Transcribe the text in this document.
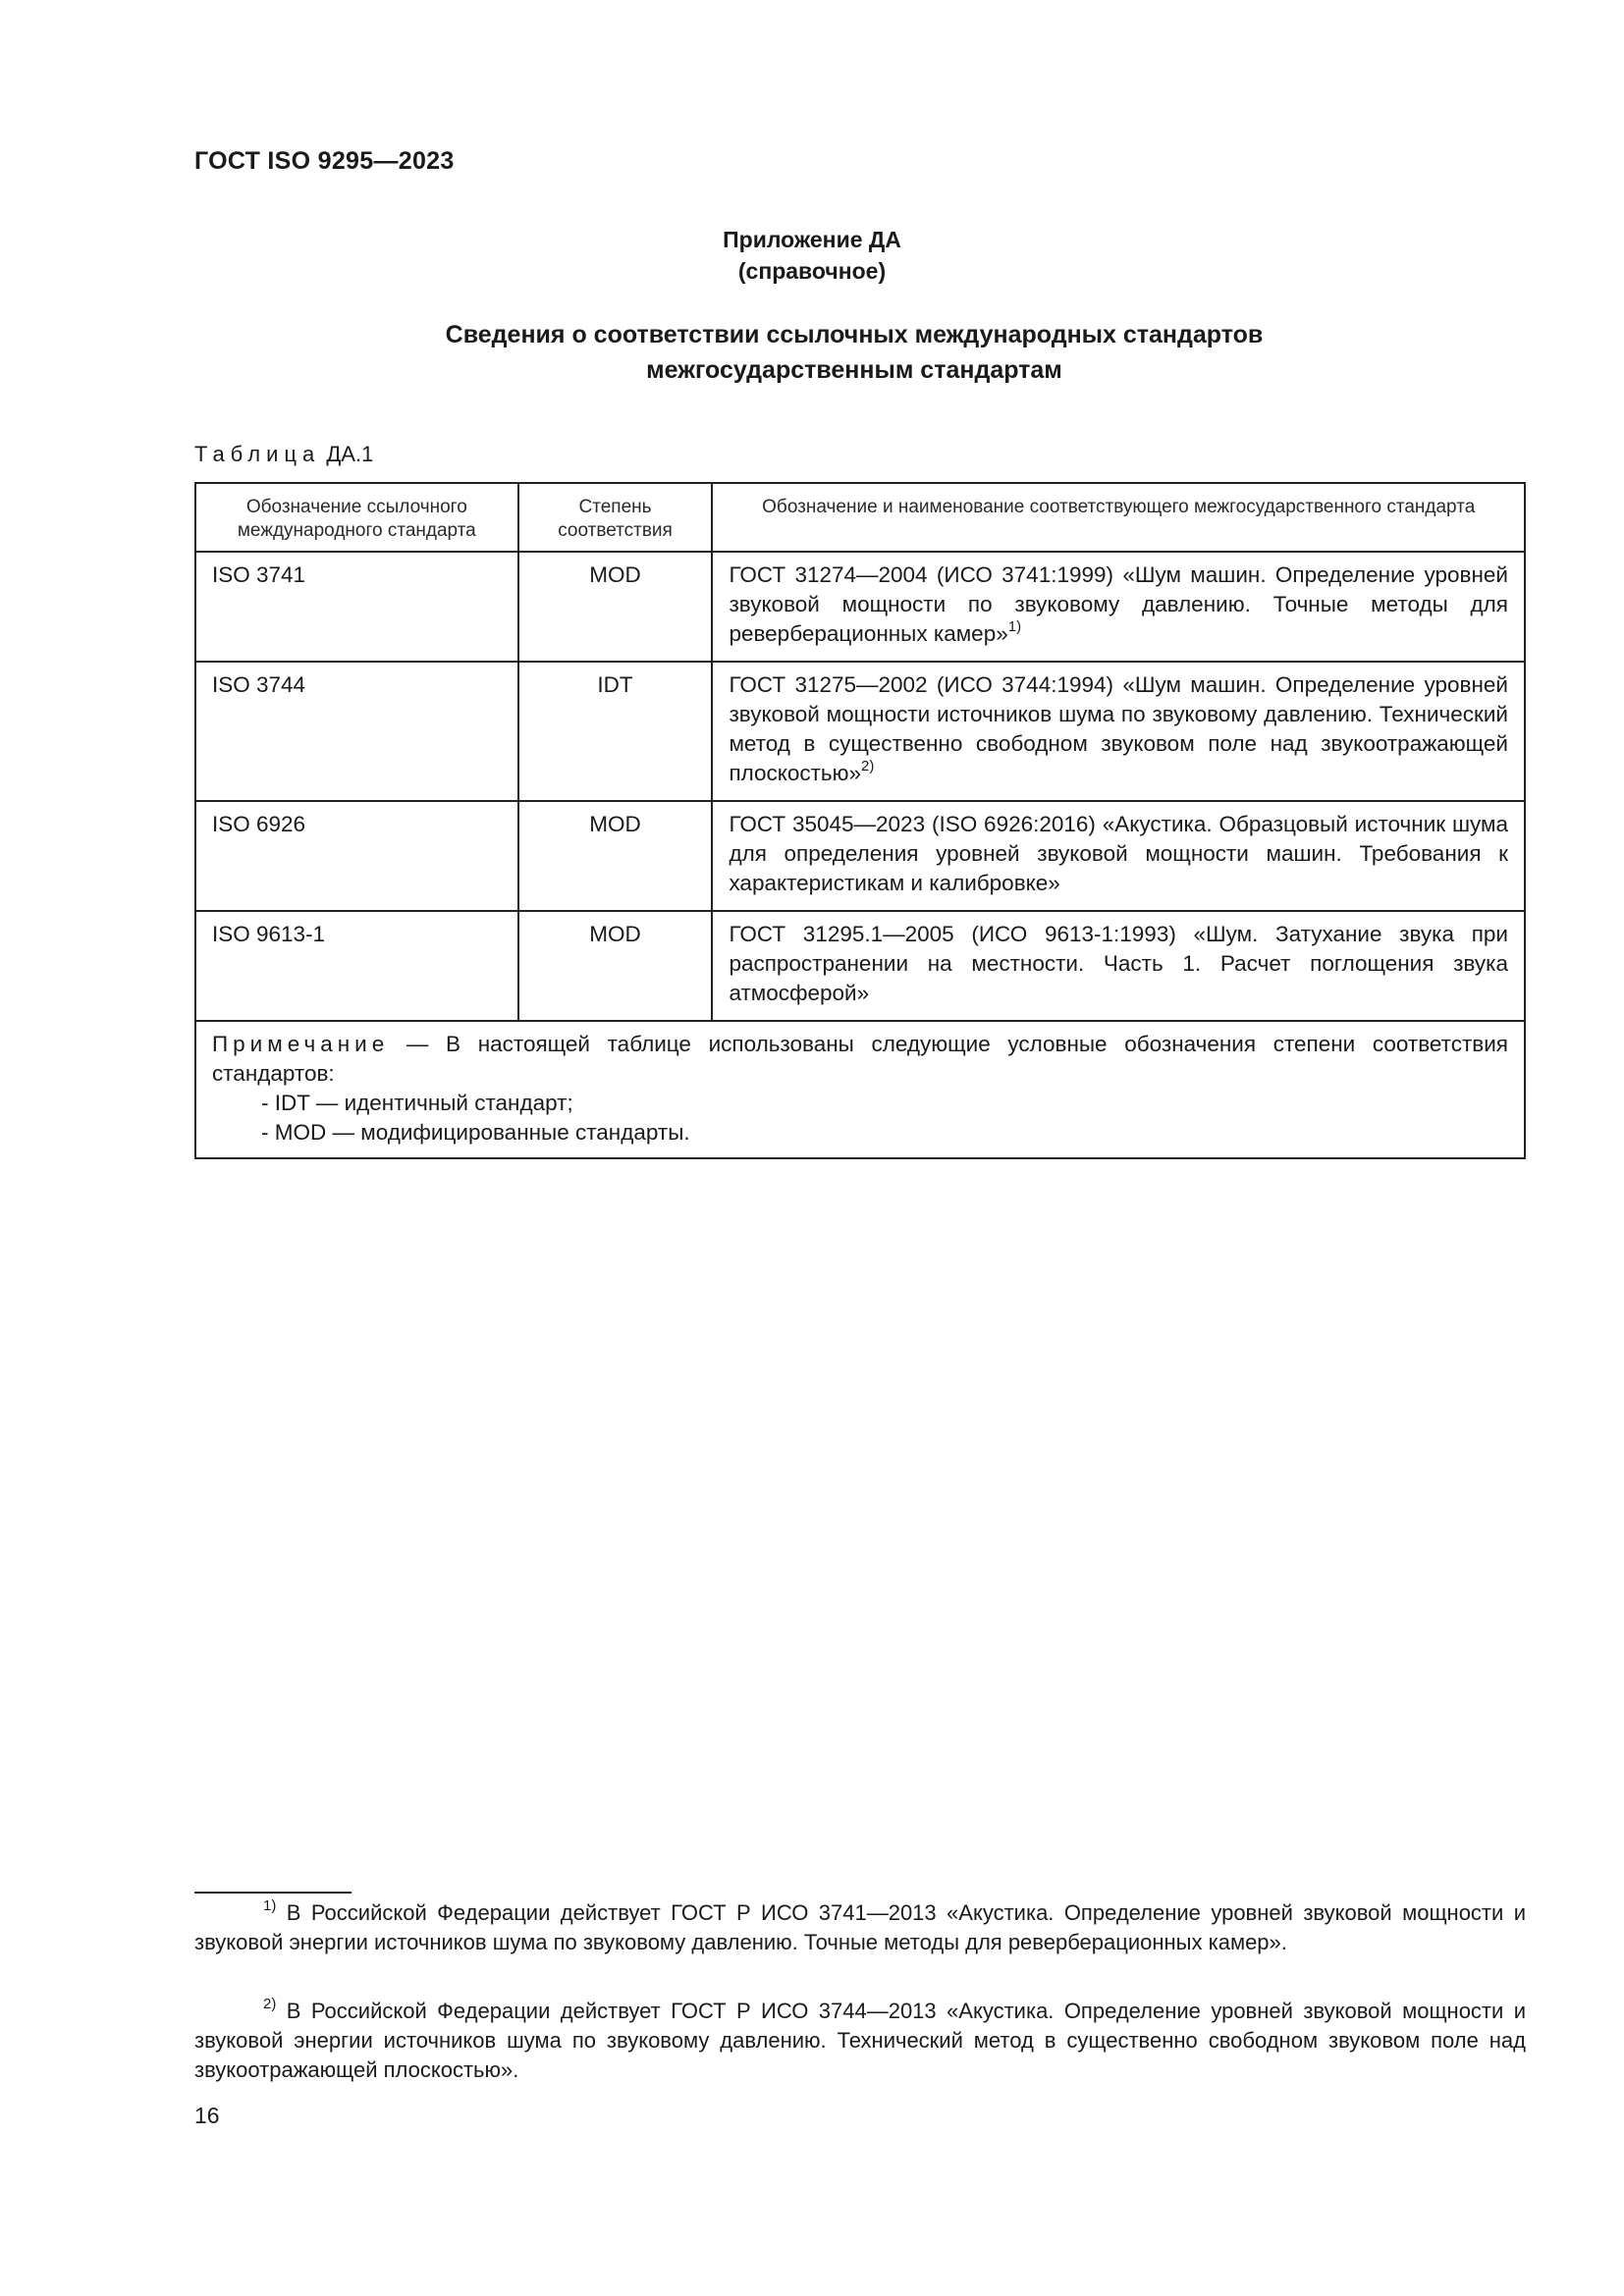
ГОСТ ISO 9295—2023
Приложение ДА
(справочное)
Сведения о соответствии ссылочных международных стандартов
межгосударственным стандартам
Таблица ДА.1
Обозначение ссылочного международного стандарта	Степень соответствия	Обозначение и наименование соответствующего межгосударственного стандарта
ISO 3741	MOD	ГОСТ 31274—2004 (ИСО 3741:1999) «Шум машин. Определение уровней звуковой мощности по звуковому давлению. Точные методы для реверберационных камер»$^{1)}$
ISO 3744	IDT	ГОСТ 31275—2002 (ИСО 3744:1994) «Шум машин. Определение уровней звуковой мощности источников шума по звуковому давлению. Технический метод в существенно свободном звуковом поле над звукоотражающей плоскостью»$^{2)}$
ISO 6926	MOD	ГОСТ 35045—2023 (ISO 6926:2016) «Акустика. Образцовый источник шума для определения уровней звуковой мощности машин. Требования к характеристикам и калибровке»
ISO 9613-1	MOD	ГОСТ 31295.1—2005 (ИСО 9613-1:1993) «Шум. Затухание звука при распространении на местности. Часть 1. Расчет поглощения звука атмосферой»

Примечание — В настоящей таблице использованы следующие условные обозначения степени соответствия стандартов:
- IDT — идентичный стандарт;
- MOD — модифицированные стандарты.		
$^{1)}$ В Российской Федерации действует ГОСТ Р ИСО 3741—2013 «Акустика. Определение уровней звуковой мощности и звуковой энергии источников шума по звуковому давлению. Точные методы для реверберационных камер».
$^{2)}$ В Российской Федерации действует ГОСТ Р ИСО 3744—2013 «Акустика. Определение уровней звуковой мощности и звуковой энергии источников шума по звуковому давлению. Технический метод в существенно свободном звуковом поле над звукоотражающей плоскостью».
16
